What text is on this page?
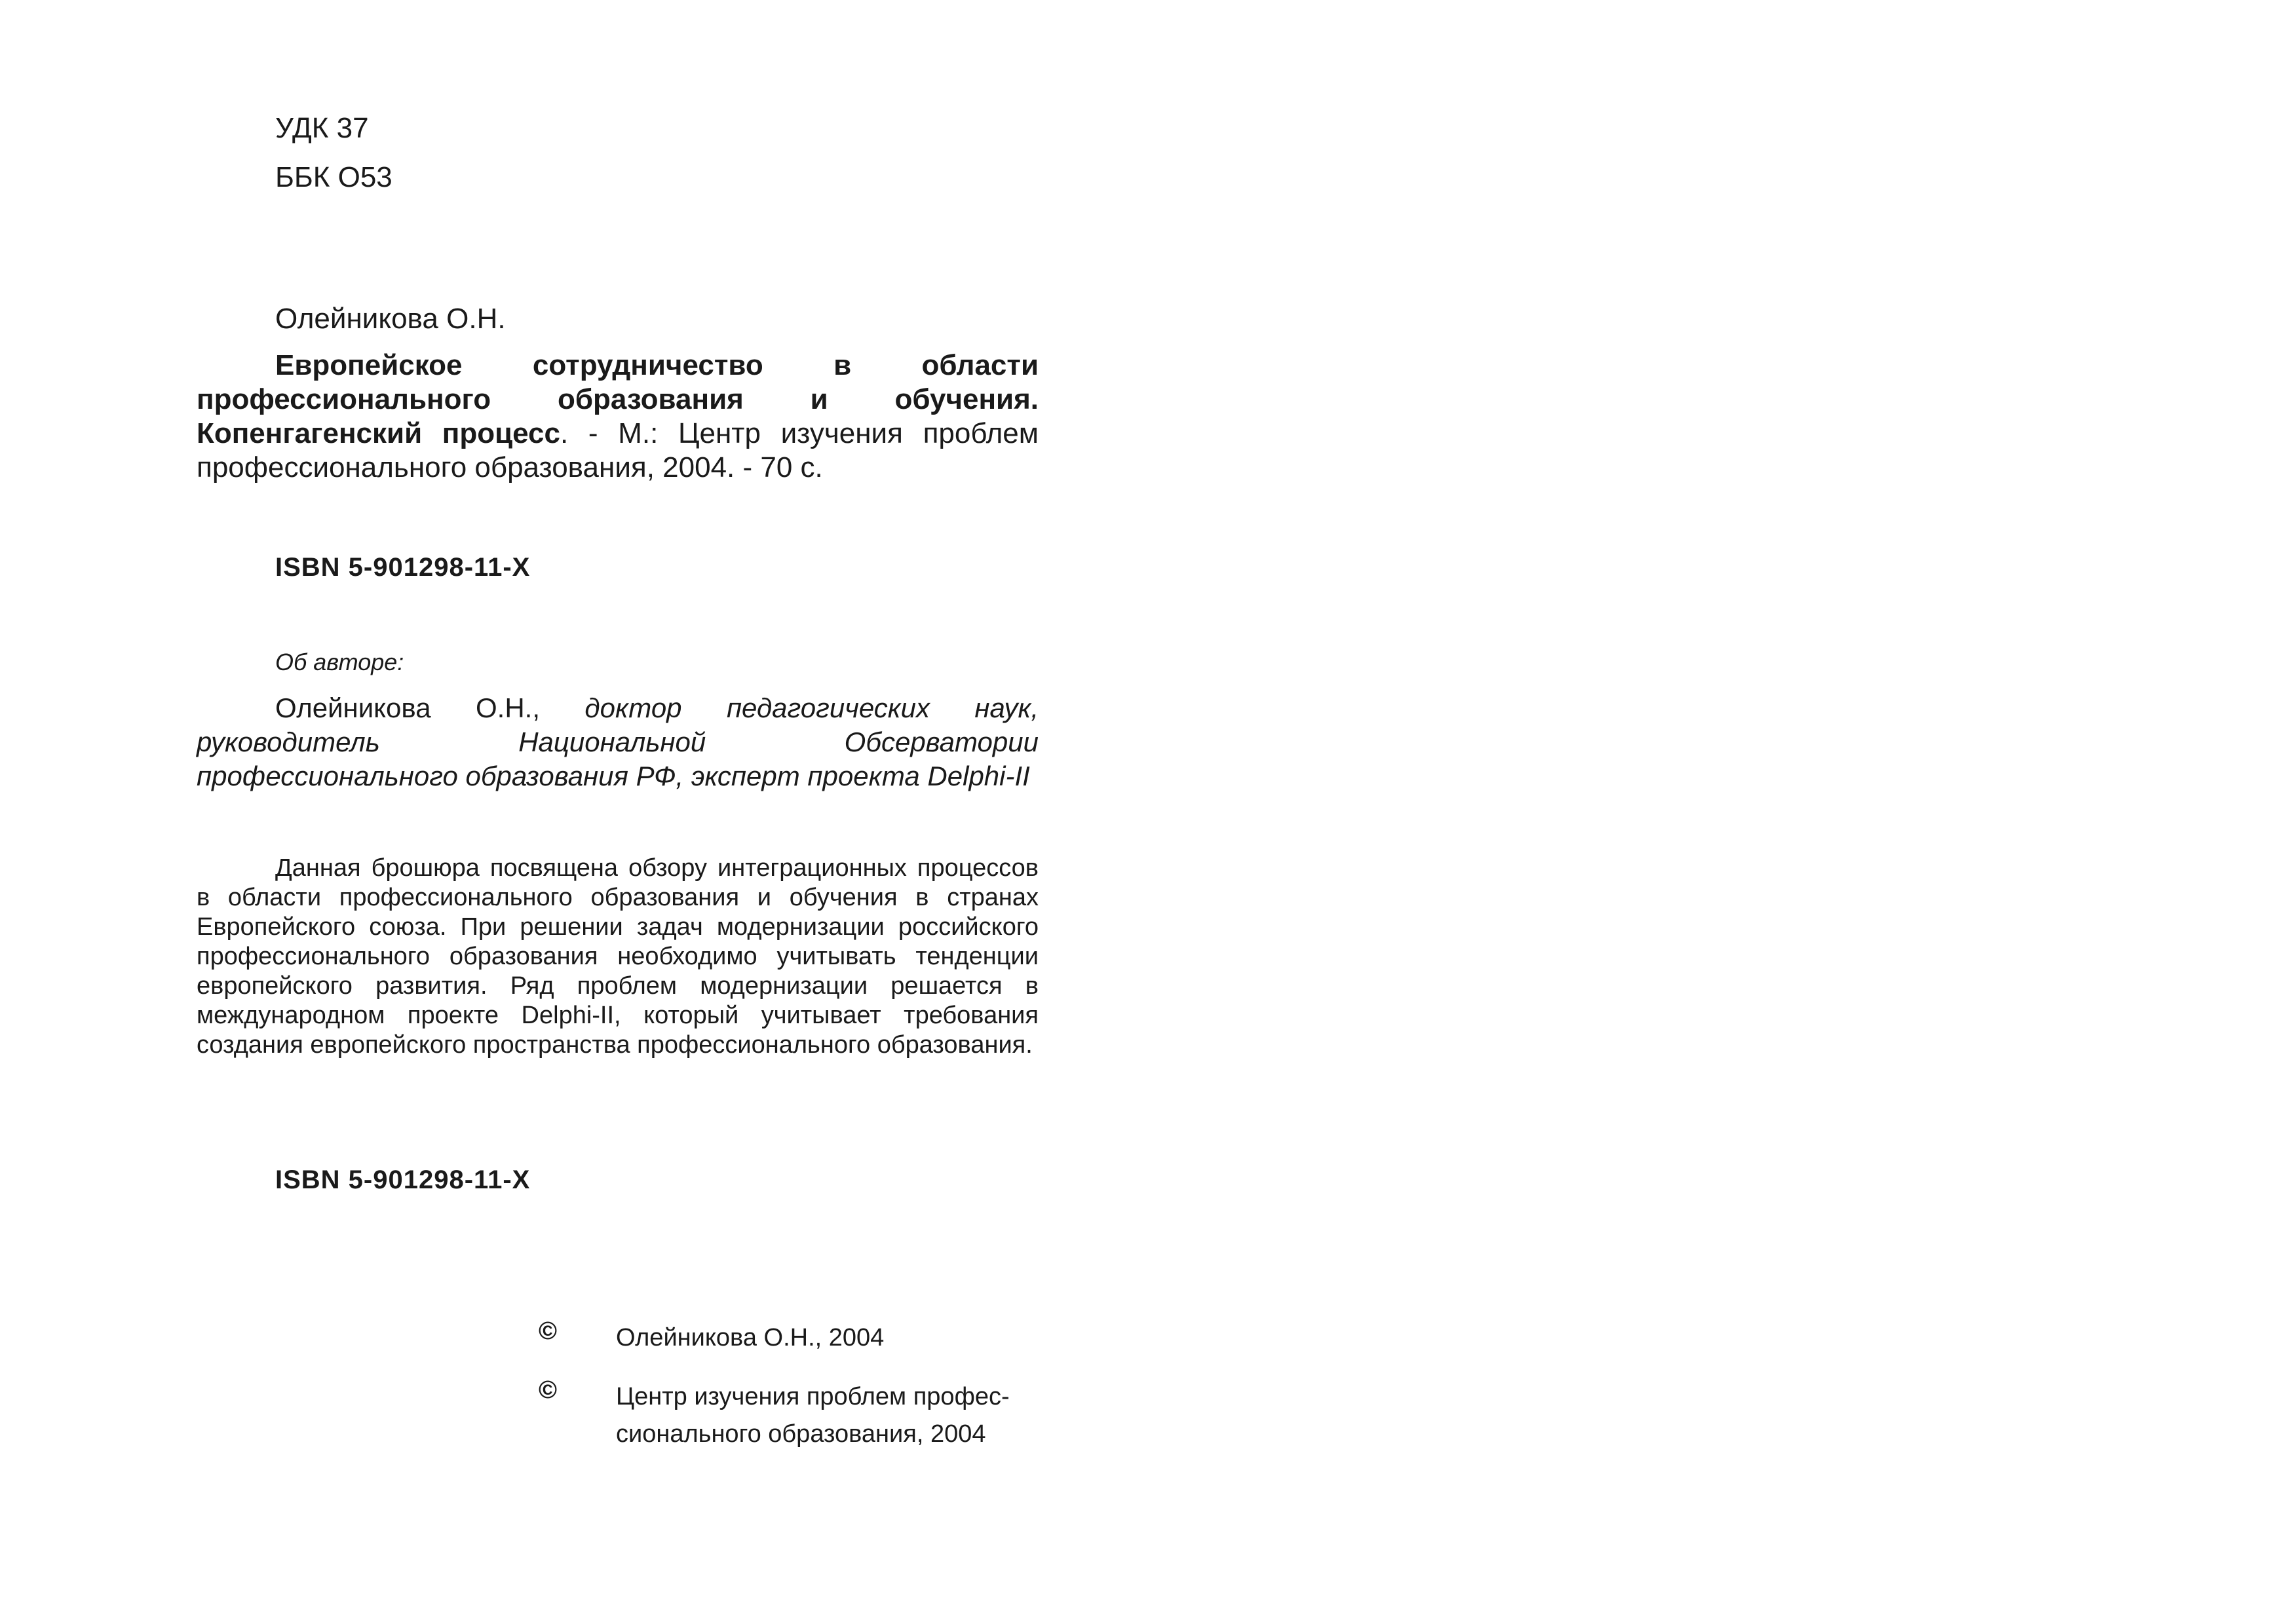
УДК 37
ББК О53
Олейникова О.Н.
Европейское сотрудничество в области профессионального образования и обучения. Копенгагенский процесс. - М.: Центр изучения проблем профессионального образования, 2004. - 70 с.
ISBN 5-901298-11-X
Об авторе:
Олейникова О.Н., доктор педагогических наук, руководитель Национальной Обсерватории профессионального образования РФ, эксперт проекта Delphi-II
Данная брошюра посвящена обзору интеграционных процессов в области профессионального образования и обучения в странах Европейского союза. При решении задач модернизации российского профессионального образования необходимо учитывать тенденции европейского развития. Ряд проблем модернизации решается в международном проекте Delphi-II, который учитывает требования создания европейского пространства профессионального образования.
ISBN 5-901298-11-X
© Олейникова О.Н., 2004
© Центр изучения проблем профес-
сионального образования, 2004
